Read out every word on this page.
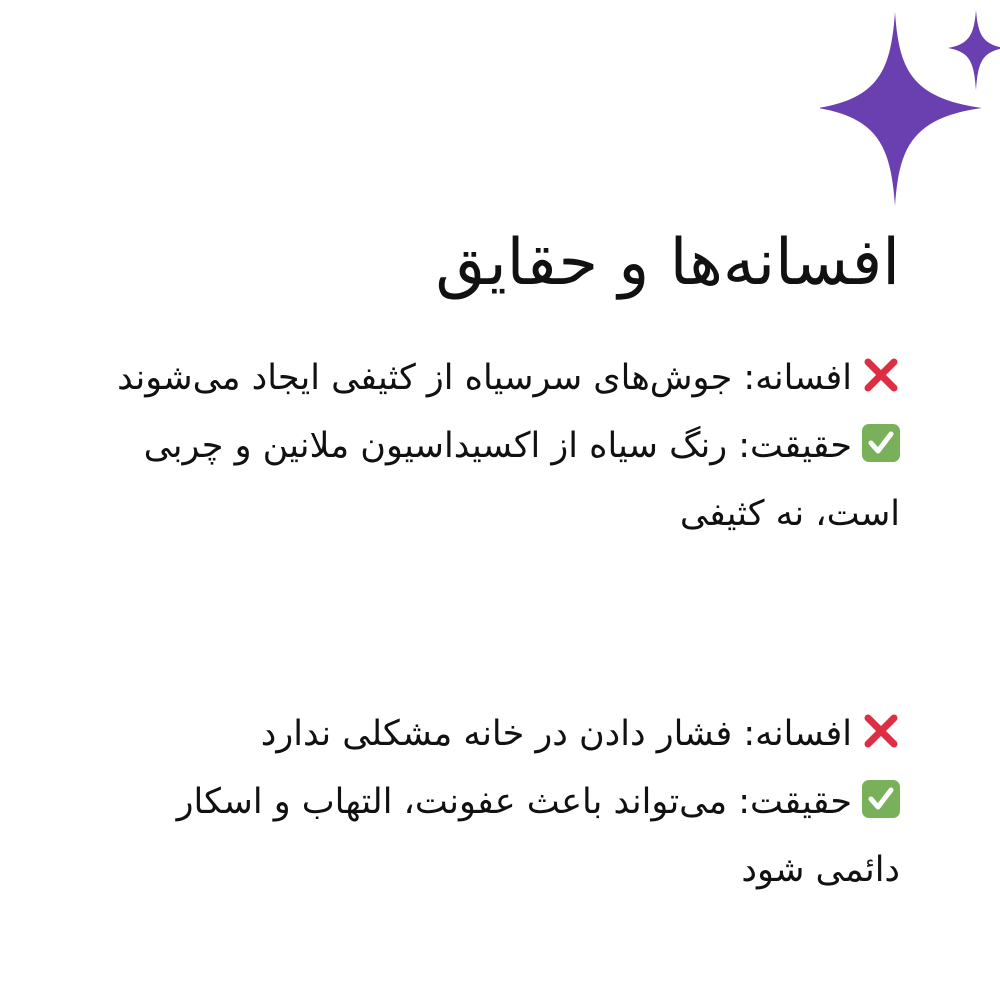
افسانه‌ها و حقایق
افسانه: جوش‌های سرسیاه از کثیفی ایجاد می‌شوند
حقیقت: رنگ سیاه از اکسیداسیون ملانین و چربی است، نه کثیفی
افسانه: فشار دادن در خانه مشکلی ندارد
حقیقت: می‌تواند باعث عفونت، التهاب و اسکار دائمی شود
